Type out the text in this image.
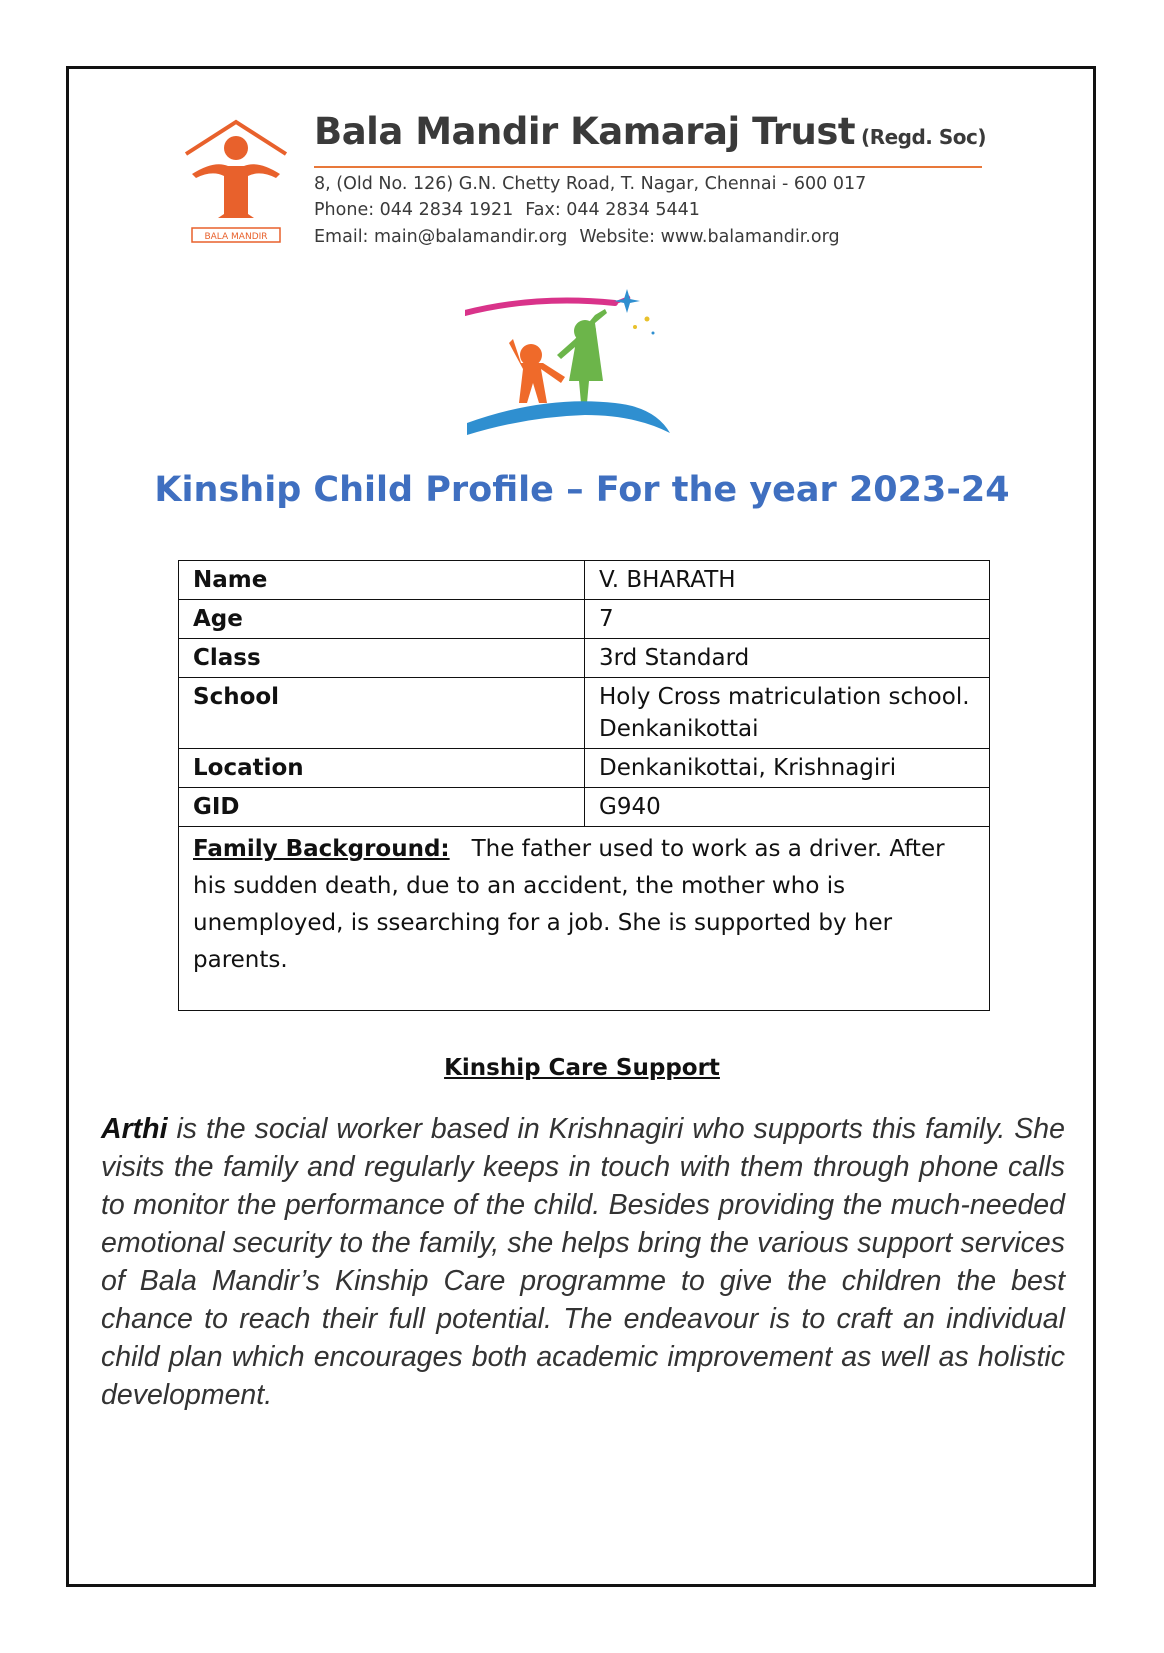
BALA MANDIR
Bala Mandir Kamaraj Trust (Regd. Soc)
8, (Old No. 126) G.N. Chetty Road, T. Nagar, Chennai - 600 017
Phone: 044 2834 1921 Fax: 044 2834 5441
Email: main@balamandir.org Website: www.balamandir.org
Kinship Child Profile – For the year 2023-24
Name	V. BHARATH
Age	7
Class	3rd Standard
School	Holy Cross matriculation school. Denkanikottai
Location	Denkanikottai, Krishnagiri
GID	G940
Family Background: The father used to work as a driver. After his sudden death, due to an accident, the mother who is unemployed, is ssearching for a job. She is supported by her parents.	
Kinship Care Support

Arthi is the social worker based in Krishnagiri who supports this family. She visits the family and regularly keeps in touch with them through phone calls to monitor the performance of the child. Besides providing the much-needed emotional security to the family, she helps bring the various support services of Bala Mandir’s Kinship Care programme to give the children the best chance to reach their full potential. The endeavour is to craft an individual child plan which encourages both academic improvement as well as holistic development.
